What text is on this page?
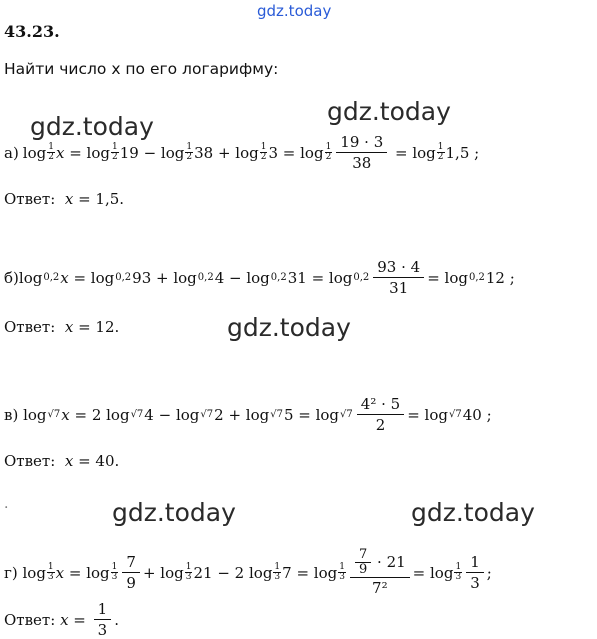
gdz.today
gdz.today
gdz.today
gdz.today
gdz.today	gdz.today
·
43.23.
Найти число x по его логарифму:
а) log 1
2 x = log 1
2 19 − log 1
2 38 + log 1
2 3 = log 1
$2 \frac{19 \cdot 3}{38} = \log 1$
2 1,5 ;
Ответ: x = 1,5.
б) log 0,2 x = log 0,2 93 + log 0,2 4 − log 0,2 $31 = \log 0,2 \frac{93 \cdot 4}{31} = \log 0,2$ 12 ;
Ответ: x = 12.
в) log √7 x = 2 log √7 4 − log √7 2 + log √7 $5 = \log √7 \frac{\text{4² · 5}}{2} = \log √7$ 40 ;
Ответ: x = 40.
г) log 1
3 x = log 1
$3 \frac{7}{9} + \log 1$
3 21 − 2 log 1
3 7 = log 1
3 7
9
· 21
7² = log 1
$3 \frac{1}{3}$ ;
Ответ:
$x = \frac{1}{3}$ .
